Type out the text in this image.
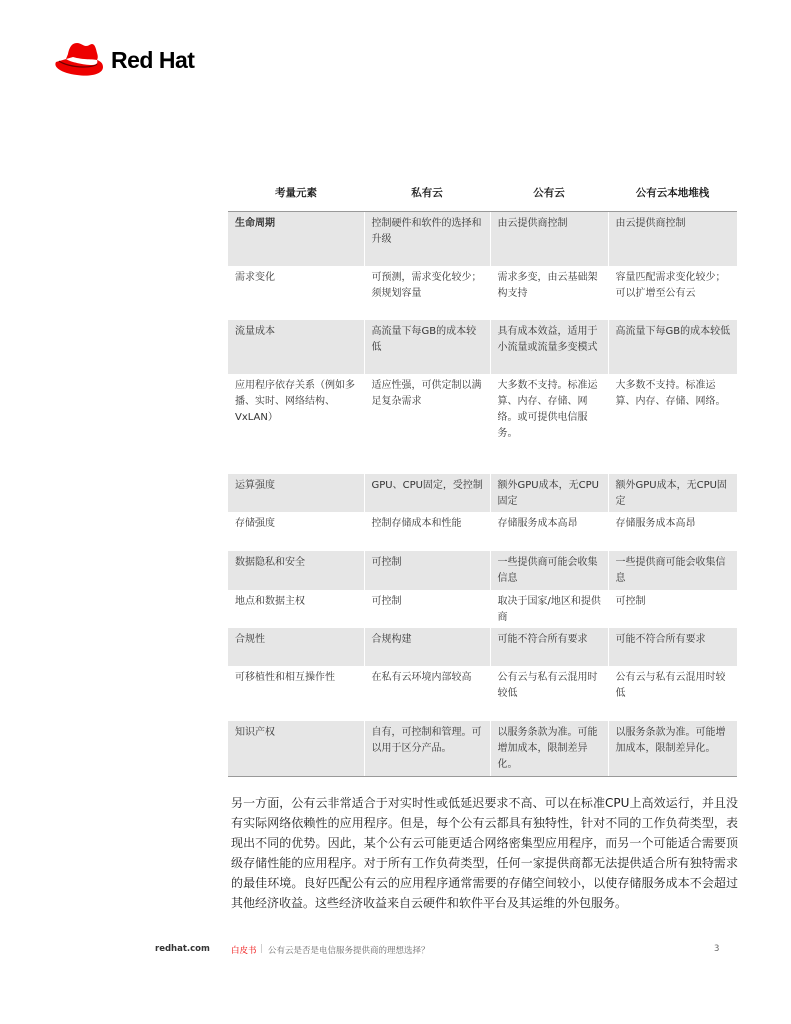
Red Hat
考量元素	私有云	公有云	公有云本地堆栈
生命周期	控制硬件和软件的选择和升级	由云提供商控制	由云提供商控制
需求变化	可预测，需求变化较少；须规划容量	需求多变，由云基础架构支持	容量匹配需求变化较少；可以扩增至公有云
流量成本	高流量下每GB的成本较低	具有成本效益，适用于小流量或流量多变模式	高流量下每GB的成本较低
应用程序依存关系（例如多播、实时、网络结构、VxLAN）	适应性强，可供定制以满足复杂需求	大多数不支持。标准运算、内存、存储、网络。或可提供电信服务。	大多数不支持。标准运算、内存、存储、网络。
运算强度	GPU、CPU固定，受控制	额外GPU成本，无CPU固定	额外GPU成本，无CPU固定
存储强度	控制存储成本和性能	存储服务成本高昂	存储服务成本高昂
数据隐私和安全	可控制	一些提供商可能会收集信息	一些提供商可能会收集信息
地点和数据主权	可控制	取决于国家/地区和提供商	可控制
合规性	合规构建	可能不符合所有要求	可能不符合所有要求
可移植性和相互操作性	在私有云环境内部较高	公有云与私有云混用时较低	公有云与私有云混用时较低
知识产权	自有，可控制和管理。可以用于区分产品。	以服务条款为准。可能增加成本，限制差异化。	以服务条款为准。可能增加成本，限制差异化。

另一方面，公有云非常适合于对实时性或低延迟要求不高、可以在标准CPU上高效运行，并且没有实际网络依赖性的应用程序。但是，每个公有云都具有独特性，针对不同的工作负荷类型，表现出不同的优势。因此，某个公有云可能更适合网络密集型应用程序，而另一个可能适合需要顶级存储性能的应用程序。对于所有工作负荷类型，任何一家提供商都无法提供适合所有独特需求的最佳环境。良好匹配公有云的应用程序通常需要的存储空间较小，以使存储服务成本不会超过其他经济收益。这些经济收益来自云硬件和软件平台及其运维的外包服务。

redhat.com 白皮书 | 公有云是否是电信服务提供商的理想选择？	3
